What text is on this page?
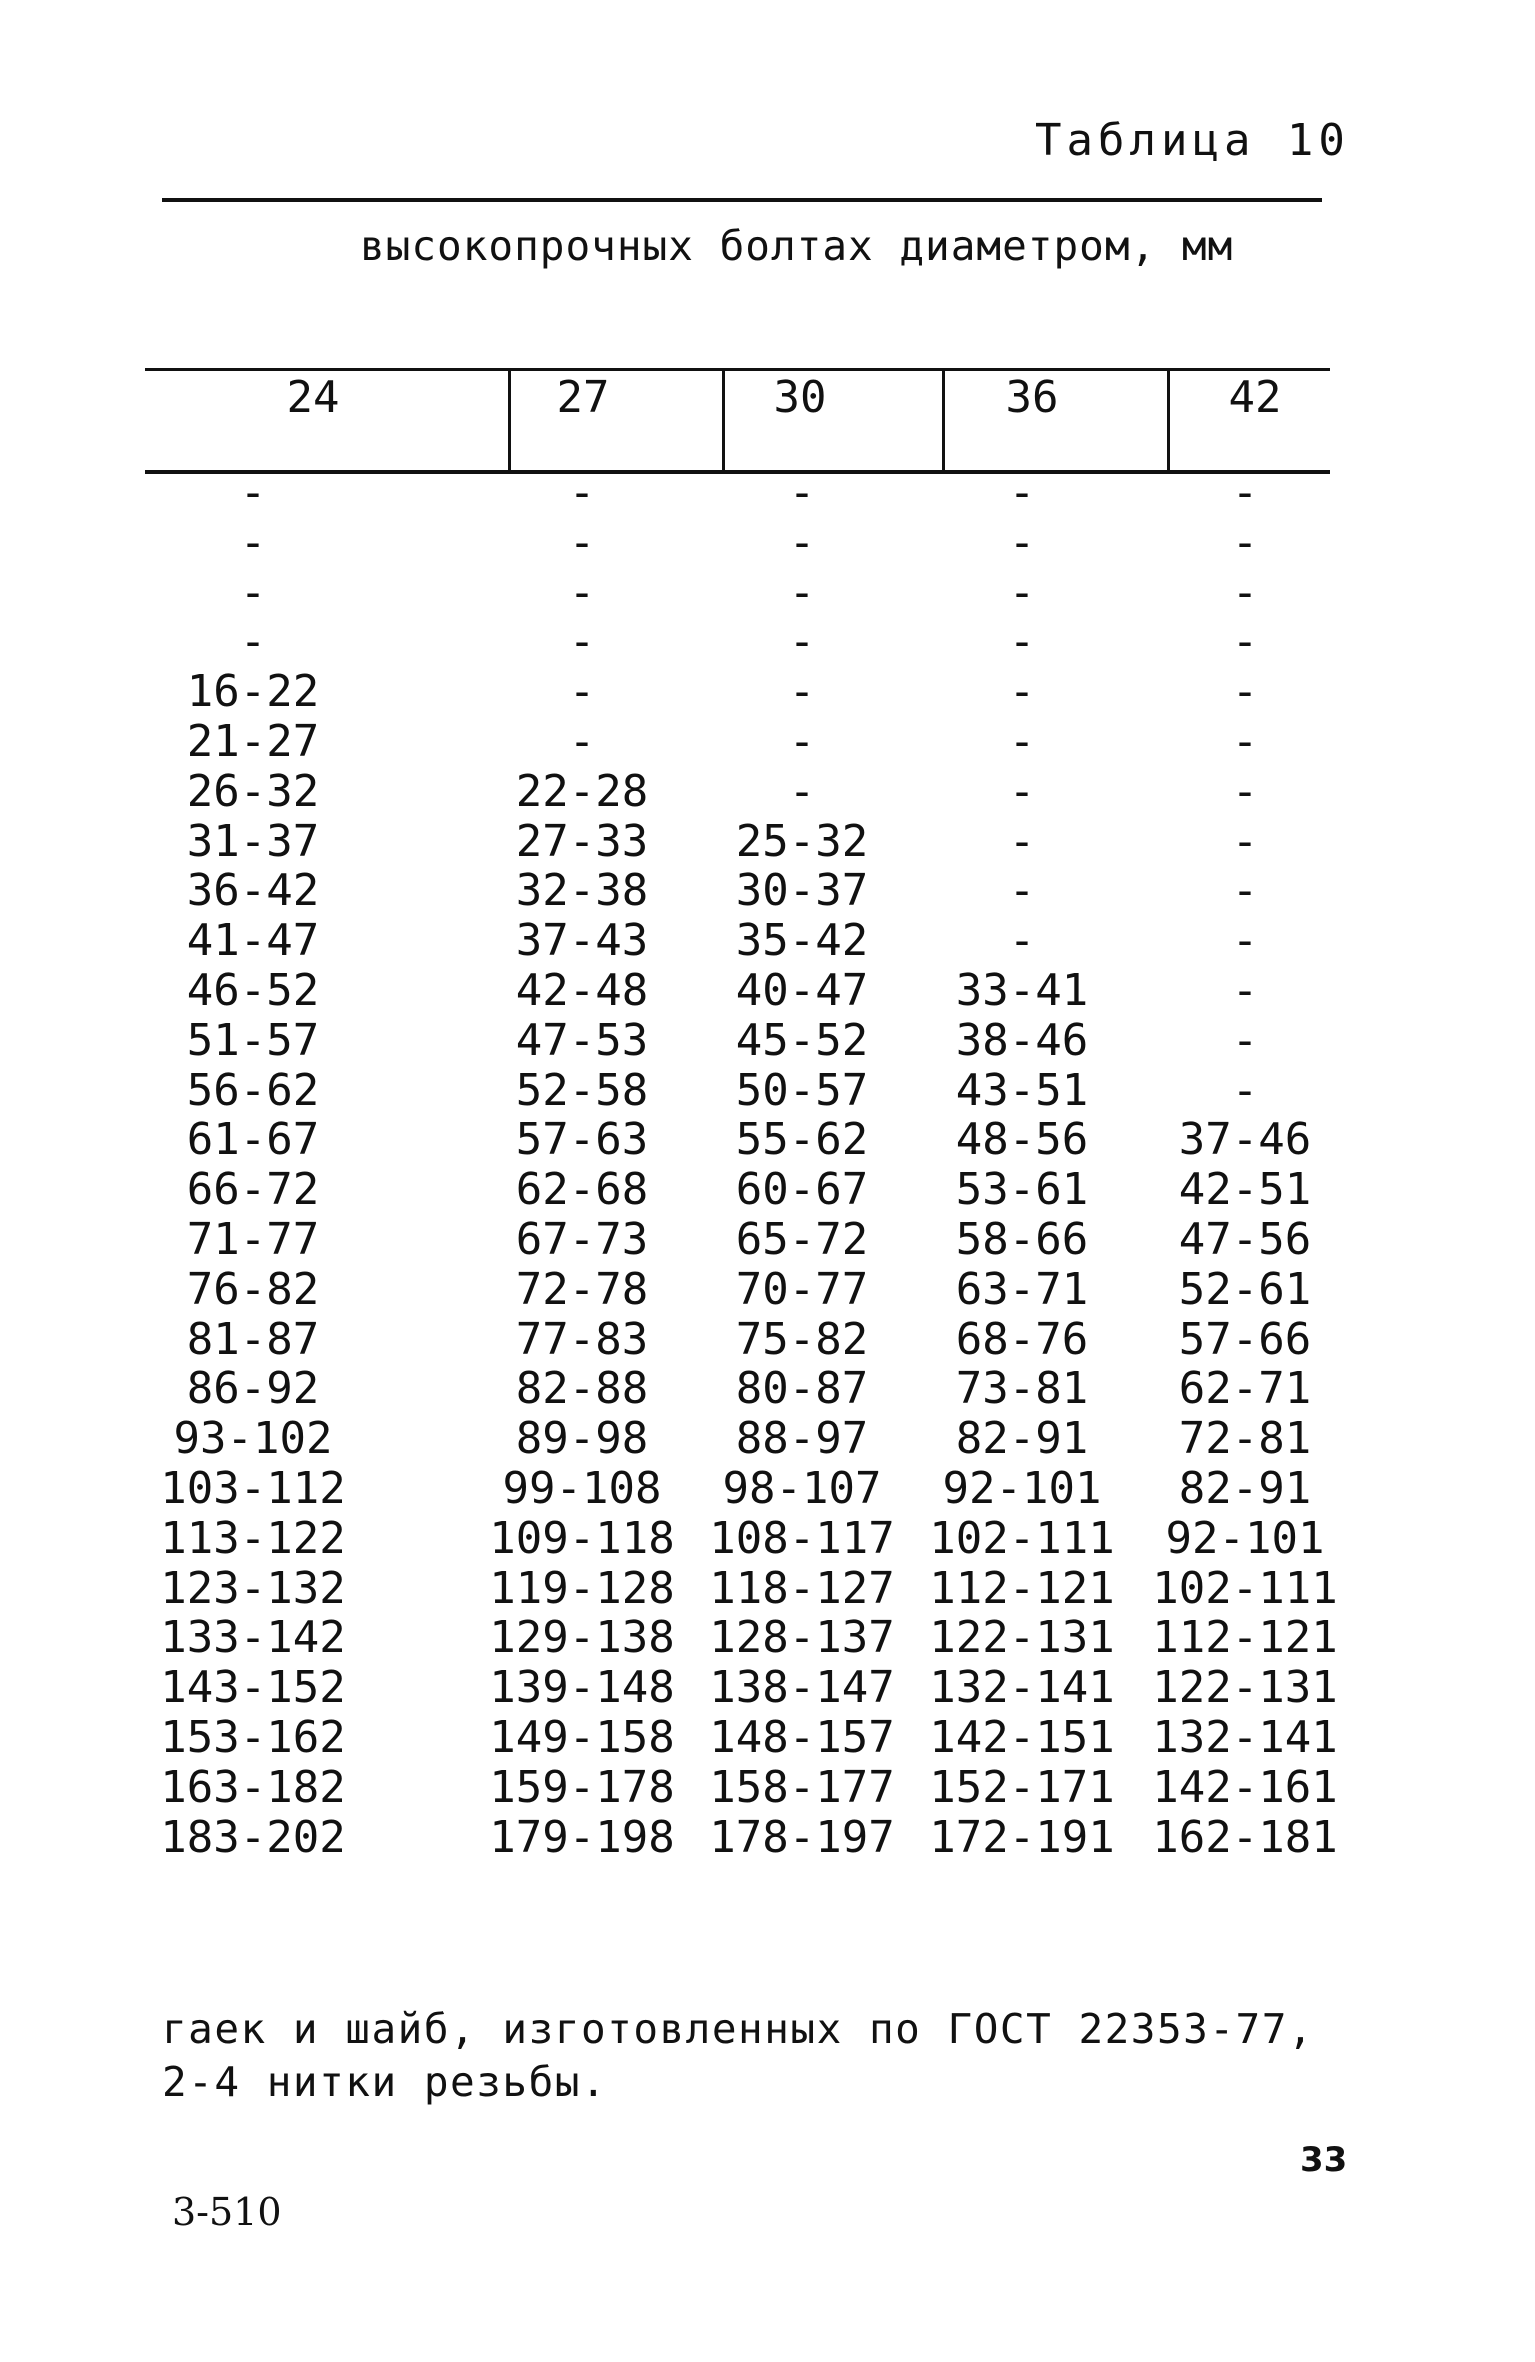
Таблица 10
высокопрочных болтах диаметром, мм
24	27	30	36	42
-	-	-	-	-
-	-	-	-	-
-	-	-	-	-
-	-	-	-	-
16-22	-	-	-	-
21-27	-	-	-	-
26-32	22-28	-	-	-
31-37	27-33	25-32	-	-
36-42	32-38	30-37	-	-
41-47	37-43	35-42	-	-
46-52	42-48	40-47	33-41	-
51-57	47-53	45-52	38-46	-
56-62	52-58	50-57	43-51	-
61-67	57-63	55-62	48-56	37-46
66-72	62-68	60-67	53-61	42-51
71-77	67-73	65-72	58-66	47-56
76-82	72-78	70-77	63-71	52-61
81-87	77-83	75-82	68-76	57-66
86-92	82-88	80-87	73-81	62-71
93-102	89-98	88-97	82-91	72-81
103-112	99-108	98-107	92-101	82-91
113-122	109-118 108-117 102-111	92-101
123-132	119-128 118-127 112-121 102-111
133-142	129-138 128-137 122-131 112-121
143-152	139-148 138-147 132-141 122-131
153-162	149-158 148-157 142-151 132-141
163-182	159-178 158-177 152-171 142-161
183-202	179-198 178-197 172-191 162-181
гаек и шайб, изготовленных по ГОСТ 22353-77,
2-4 нитки резьбы.
33
3-510
